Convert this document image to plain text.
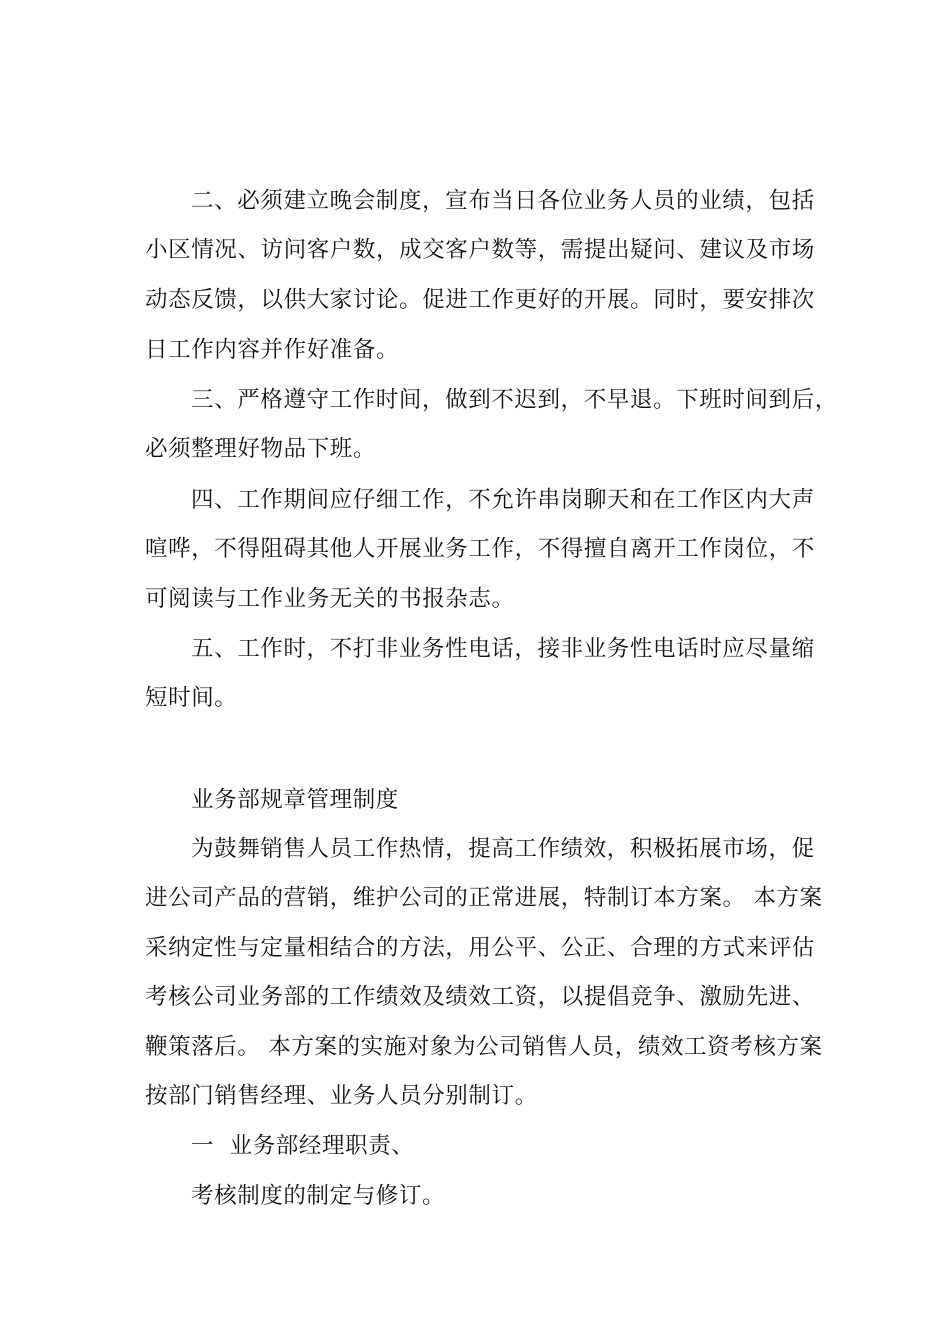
二、必须建立晚会制度，宣布当日各位业务人员的业绩，包括
小区情况、访问客户数，成交客户数等，需提出疑问、建议及市场
动态反馈，以供大家讨论。促进工作更好的开展。同时，要安排次
日工作内容并作好准备。
三、严格遵守工作时间，做到不迟到，不早退。下班时间到后，
必须整理好物品下班。
四、工作期间应仔细工作，不允许串岗聊天和在工作区内大声
喧哗，不得阻碍其他人开展业务工作，不得擅自离开工作岗位，不
可阅读与工作业务无关的书报杂志。
五、工作时，不打非业务性电话，接非业务性电话时应尽量缩
短时间。
业务部规章管理制度
为鼓舞销售人员工作热情，提高工作绩效，积极拓展市场，促
进公司产品的营销，维护公司的正常进展，特制订本方案。 本方案
采纳定性与定量相结合的方法，用公平、公正、合理的方式来评估
考核公司业务部的工作绩效及绩效工资，以提倡竞争、激励先进、
鞭策落后。 本方案的实施对象为公司销售人员，绩效工资考核方案
按部门销售经理、业务人员分别制订。
一  业务部经理职责、
考核制度的制定与修订。
